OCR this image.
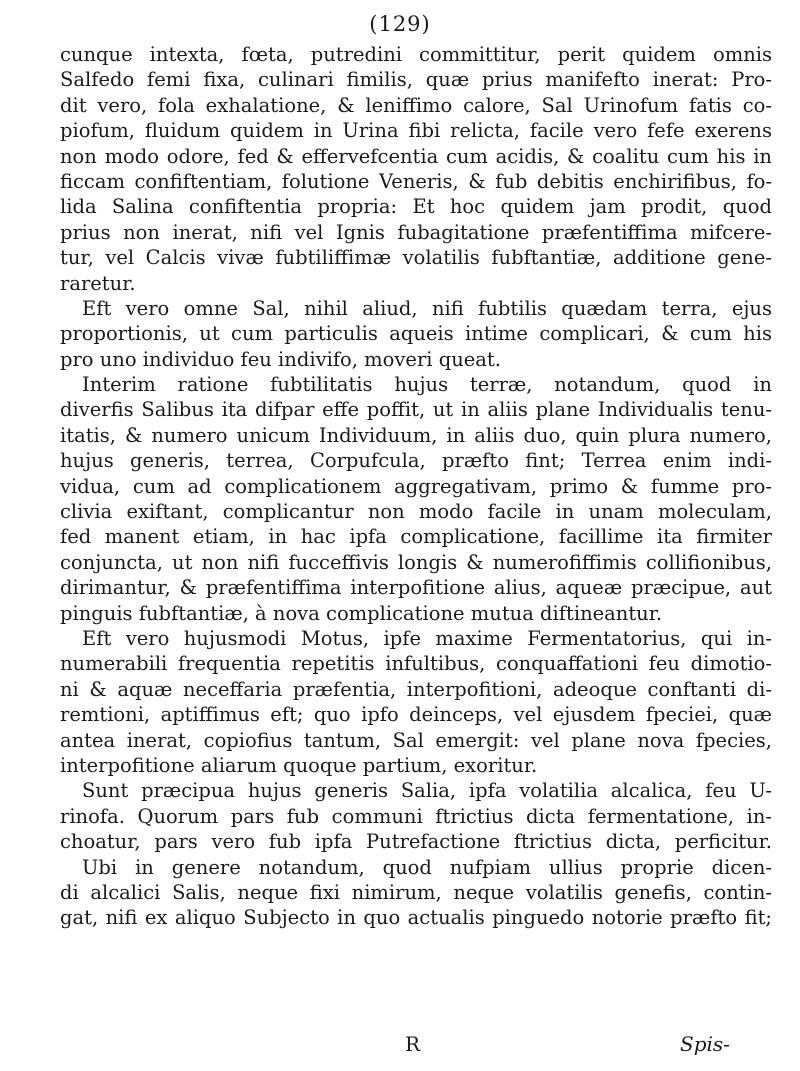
(129)
cunque intexta, fœta, putredini committitur, perit quidem omnis
Salfedo femi fixa, culinari fimilis, quæ prius manifefto inerat: Pro-
dit vero, fola exhalatione, & leniffimo calore, Sal Urinofum fatis co-
piofum, fluidum quidem in Urina fibi relicta, facile vero fefe exerens
non modo odore, fed & effervefcentia cum acidis, & coalitu cum his in
ficcam confiftentiam, folutione Veneris, & fub debitis enchirifibus, fo-
lida Salina confiftentia propria: Et hoc quidem jam prodit, quod
prius non inerat, nifi vel Ignis fubagitatione præfentiffima mifcere-
tur, vel Calcis vivæ fubtiliffimæ volatilis fubftantiæ, additione gene-
raretur.
Eft vero omne Sal, nihil aliud, nifi fubtilis quædam terra, ejus
proportionis, ut cum particulis aqueis intime complicari, & cum his
pro uno individuo feu indivifo, moveri queat.
Interim ratione fubtilitatis hujus terræ, notandum, quod in
diverfis Salibus ita difpar effe poffit, ut in aliis plane Individualis tenu-
itatis, & numero unicum Individuum, in aliis duo, quin plura numero,
hujus generis, terrea, Corpufcula, præfto fint; Terrea enim indi-
vidua, cum ad complicationem aggregativam, primo & fumme pro-
clivia exiftant, complicantur non modo facile in unam moleculam,
fed manent etiam, in hac ipfa complicatione, facillime ita firmiter
conjuncta, ut non nifi fucceffivis longis & numerofiffimis collifionibus,
dirimantur, & præfentiffima interpofitione alius, aqueæ præcipue, aut
pinguis fubftantiæ, à nova complicatione mutua diftineantur.
Eft vero hujusmodi Motus, ipfe maxime Fermentatorius, qui in-
numerabili frequentia repetitis infultibus, conquaffationi feu dimotio-
ni & aquæ neceffaria præfentia, interpofitioni, adeoque conftanti di-
remtioni, aptiffimus eft; quo ipfo deinceps, vel ejusdem fpeciei, quæ
antea inerat, copiofius tantum, Sal emergit: vel plane nova fpecies,
interpofitione aliarum quoque partium, exoritur.
Sunt præcipua hujus generis Salia, ipfa volatilia alcalica, feu U-
rinofa. Quorum pars fub communi ftrictius dicta fermentatione, in-
choatur, pars vero fub ipfa Putrefactione ftrictius dicta, perficitur.
Ubi in genere notandum, quod nufpiam ullius proprie dicen-
di alcalici Salis, neque fixi nimirum, neque volatilis genefis, contin-
gat, nifi ex aliquo Subjecto in quo actualis pinguedo notorie præfto fit;
R	Spis-
